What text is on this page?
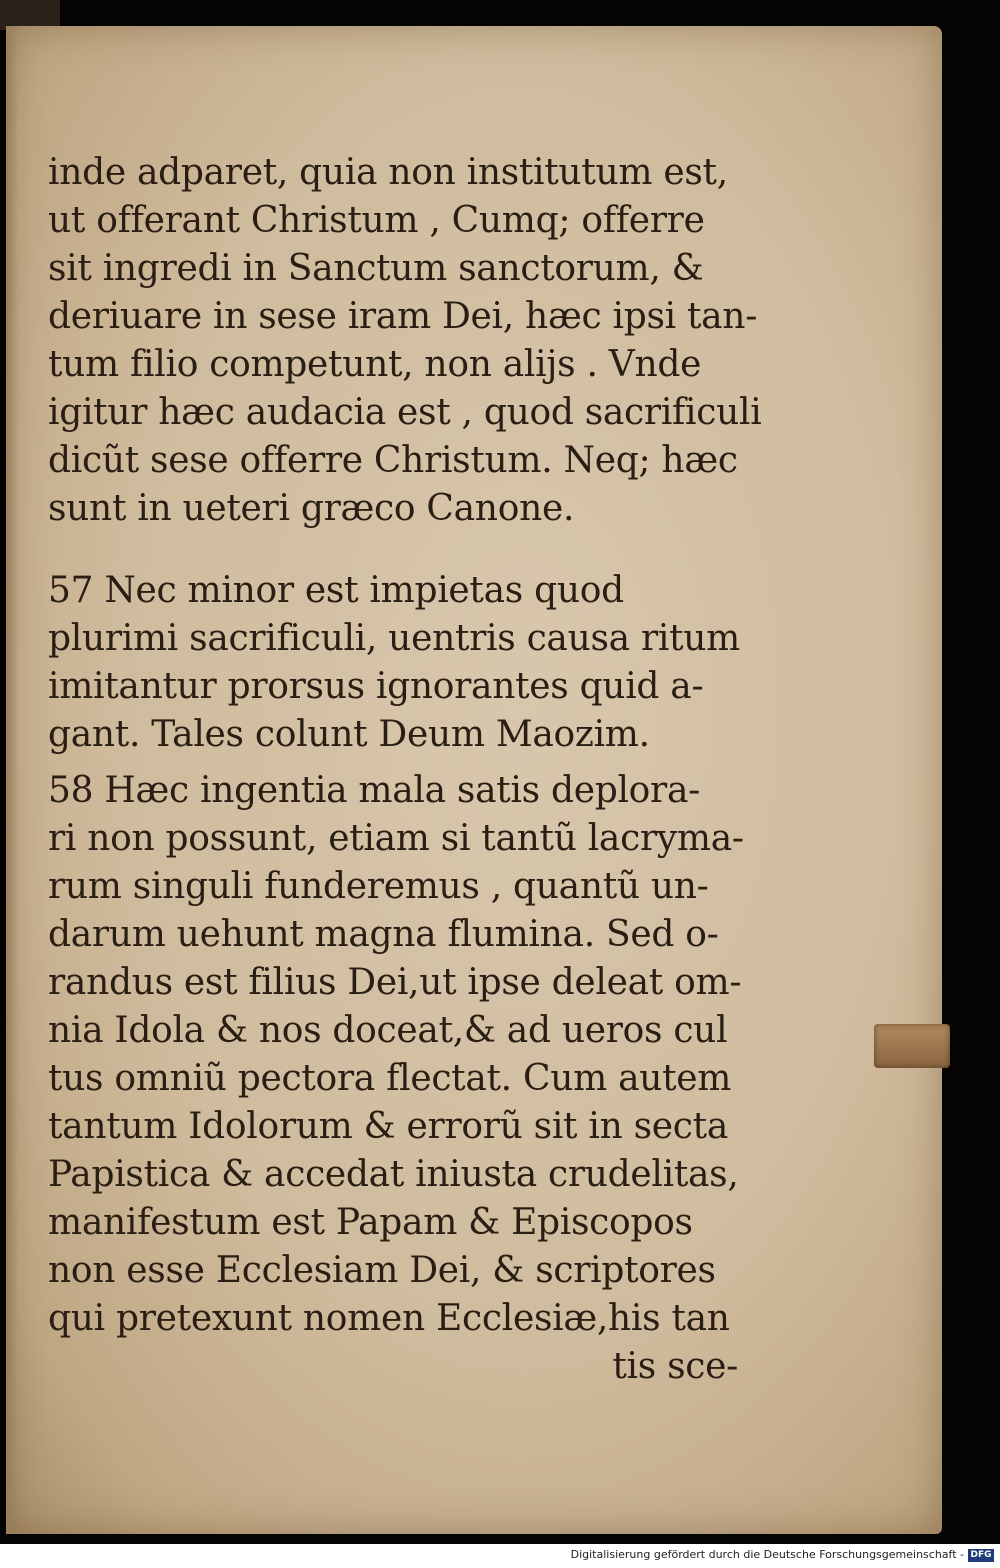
inde adparet, quia non institutum est,
ut offerant Christum , Cumq; offerre
sit ingredi in Sanctum sanctorum, &
deriuare in sese iram Dei, hæc ipsi tan-
tum filio competunt, non alijs . Vnde
igitur hæc audacia est , quod sacrificuli
dicũt sese offerre Christum. Neq; hæc
sunt in ueteri græco Canone.
57 Nec minor est impietas quod
plurimi sacrificuli, uentris causa ritum
imitantur prorsus ignorantes quid a-
gant. Tales colunt Deum Maozim.
58 Hæc ingentia mala satis deplora-
ri non possunt, etiam si tantũ lacryma-
rum singuli funderemus , quantũ un-
darum uehunt magna flumina. Sed o-
randus est filius Dei,ut ipse deleat om-
nia Idola & nos doceat,& ad ueros cul
tus omniũ pectora flectat. Cum autem
tantum Idolorum & errorũ sit in secta
Papistica & accedat iniusta crudelitas,
manifestum est Papam & Episcopos
non esse Ecclesiam Dei, & scriptores
qui pretexunt nomen Ecclesiæ,his tan
tis sce-
Digitalisierung gefördert durch die Deutsche Forschungsgemeinschaft - DFG
